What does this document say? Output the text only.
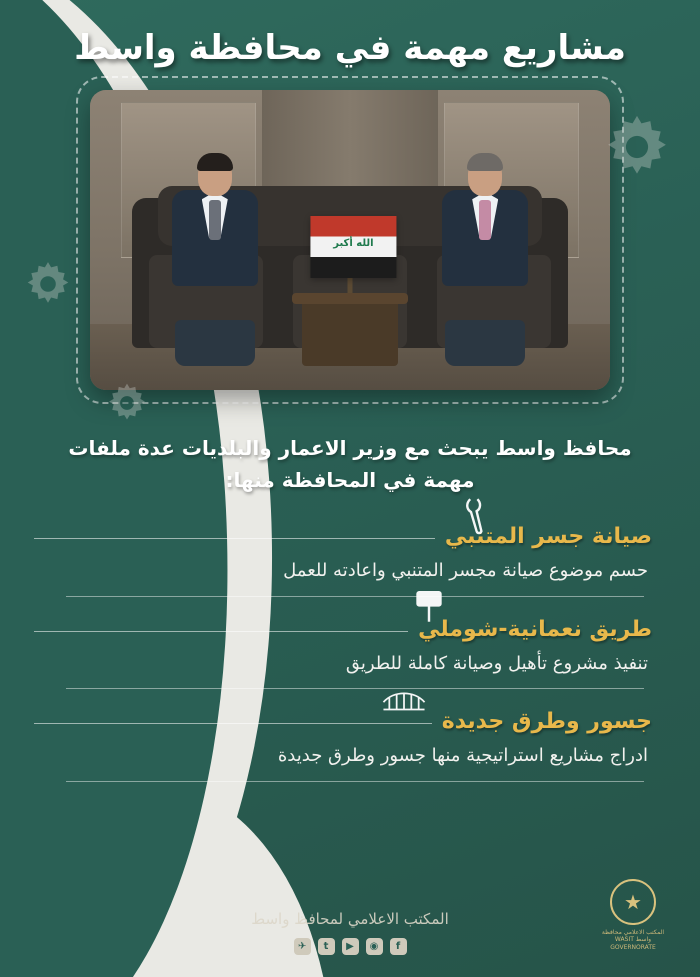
مشاريع مهمة في محافظة واسط
الله أكبر

محافظ واسط يبحث مع وزير الاعمار والبلديات عدة ملفات مهمة في المحافظة منها:

صيانة جسر المتنبي
حسم موضوع صيانة مجسر المتنبي واعادته للعمل
طريق نعمانية-شوملي
تنفيذ مشروع تأهيل وصيانة كاملة للطريق
جسور وطرق جديدة
ادراج مشاريع استراتيجية منها جسور وطرق جديدة
★
المكتب الاعلامي محافظة واسط WASIT GOVERNORATE
المكتب الاعلامي لمحافظ واسط
f
◉
▶
t
✈
